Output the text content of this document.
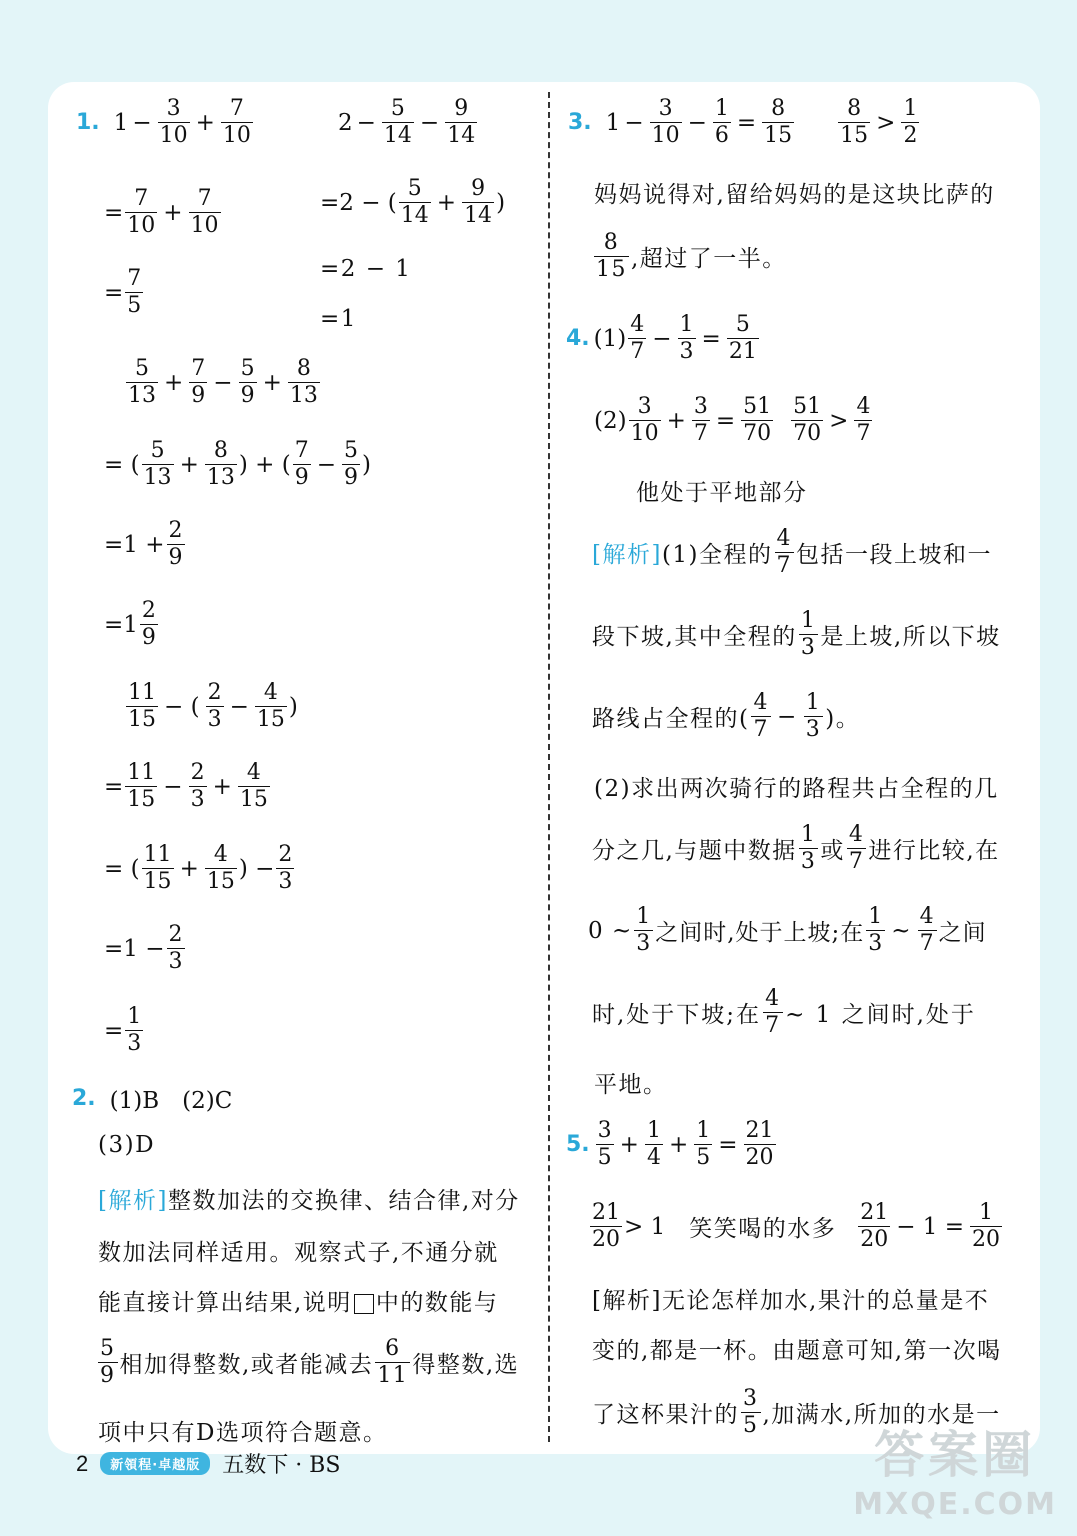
1. $1 - \frac{3}{10} + \frac{7}{10}$	$2 - \frac{5}{14} - \frac{9}{14}$
= $\frac{7}{10} + \frac{7}{10}$	=2 − ( $\frac{5}{14} + \frac{9}{14}$ )
=2 − 1
=1
= $\frac{7}{5}$
$\frac{5}{13} + \frac{7}{9} - \frac{5}{9} + \frac{8}{13}$
= ( $\frac{5}{13} + \frac{8}{13}$ ) + ( $\frac{7}{9} - \frac{5}{9}$ )
$=1 + \frac{2}{9}$
$=1 \frac{2}{9}$
$\frac{11}{15}$ − ( $\frac{2}{3} - \frac{4}{15}$ )
= $\frac{11}{15} - \frac{2}{3} + \frac{4}{15}$
= ( $\frac{11}{15} + \frac{4}{15}$ ) − $\frac{2}{3}$
$=1 - \frac{2}{3}$
= $\frac{1}{3}$
2. (1)B　(2)C
(3)D
[解析]整数加法的交换律、结合律,对分
数加法同样适用。观察式子,不通分就
能直接计算出结果,说明 中的数能与
$\frac{5}{9}$ 相加得整数,或者能减去 $\frac{6}{11}$ 得整数,选
项中只有D选项符合题意。
3. $1 - \frac{3}{10} - \frac{1}{6} = \frac{8}{15} \frac{8}{15} > \frac{1}{2}$
妈妈说得对,留给妈妈的是这块比萨的
$\frac{8}{15}$ ,超过了一半。
4. $(1) \frac{4}{7} - \frac{1}{3} = \frac{5}{21}$
$(2) \frac{3}{10} + \frac{3}{7} = \frac{51}{70} \frac{51}{70} > \frac{4}{7}$
他处于平地部分
[解析] (1)全程的 $\frac{4}{7}$ 包括一段上坡和一
段下坡,其中全程的 $\frac{1}{3}$ 是上坡,所以下坡
路线占全程的( $\frac{4}{7} - \frac{1}{3}$ )。
(2)求出两次骑行的路程共占全程的几
分之几,与题中数据 $\frac{1}{3}$ 或 $\frac{4}{7}$ 进行比较,在
0 ~ $\frac{1}{3}$ 之间时,处于上坡;在 $\frac{1}{3}$ ~ $\frac{4}{7}$ 之间
时,处于下坡;在 $\frac{4}{7}$ ~ 1 之间时,处于
平地。
5. $\frac{3}{5} + \frac{1}{4} + \frac{1}{5} = \frac{21}{20}$
$\frac{21}{20} > 1$ 笑笑喝的水多 $\frac{21}{20} - 1 = \frac{1}{20}$
[解析]无论怎样加水,果汁的总量是不
变的,都是一杯。由题意可知,第一次喝
了这杯果汁的 $\frac{3}{5}$ ,加满水,所加的水是一
2	新領程·卓越版	五数下 · BS	答案圈
MXQE.COM
